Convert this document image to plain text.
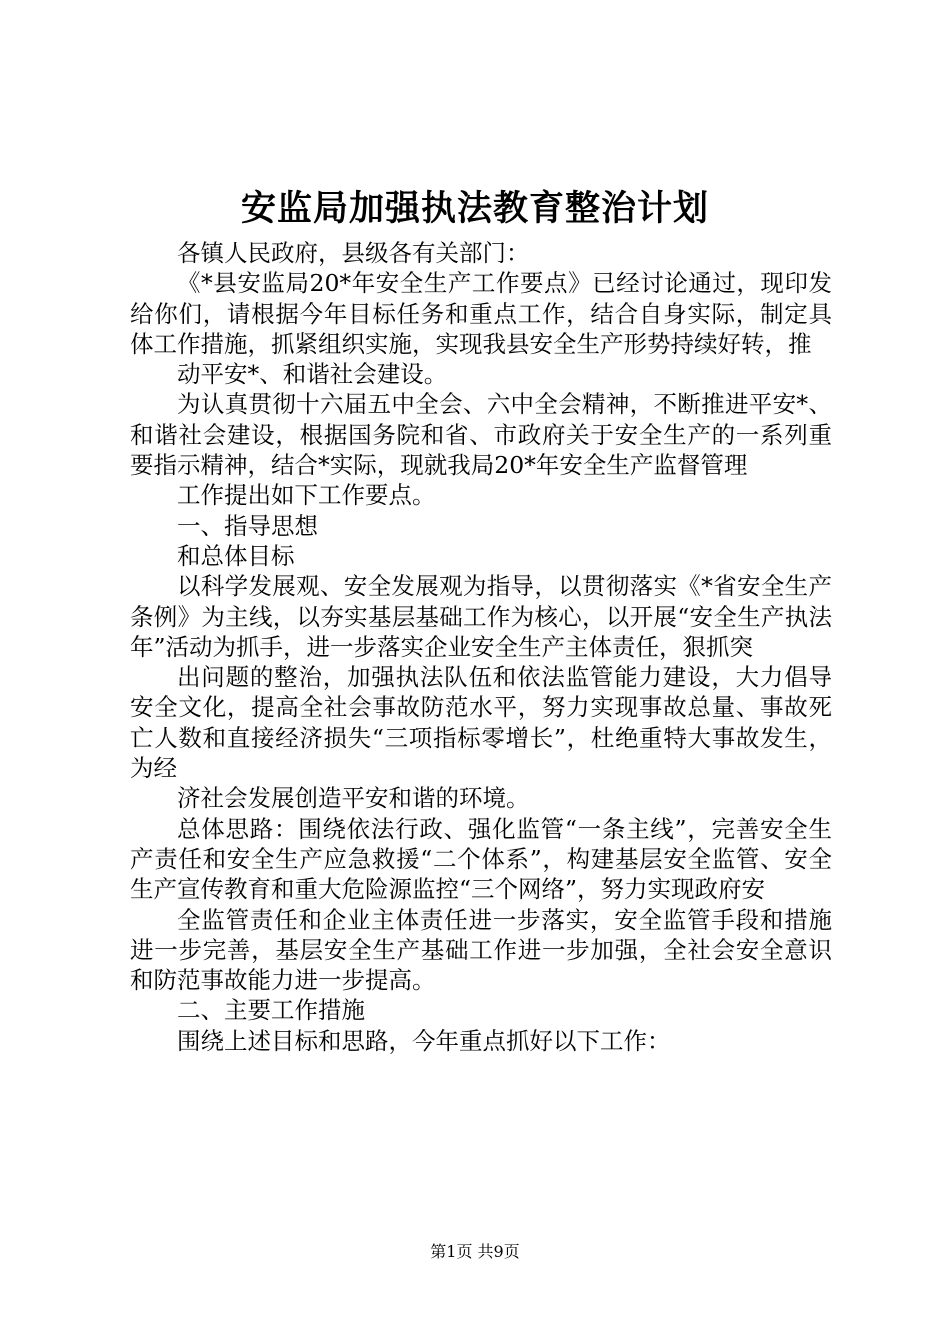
安监局加强执法教育整治计划

各镇人民政府，县级各有关部门：

《*县安监局20*年安全生产工作要点》已经讨论通过，现印发给你们，请根据今年目标任务和重点工作，结合自身实际，制定具体工作措施，抓紧组织实施，实现我县安全生产形势持续好转，推

动平安*、和谐社会建设。

为认真贯彻十六届五中全会、六中全会精神，不断推进平安*、和谐社会建设，根据国务院和省、市政府关于安全生产的一系列重要指示精神，结合*实际，现就我局20*年安全生产监督管理

工作提出如下工作要点。

一、指导思想

和总体目标

以科学发展观、安全发展观为指导，以贯彻落实《*省安全生产条例》为主线，以夯实基层基础工作为核心，以开展“安全生产执法年”活动为抓手，进一步落实企业安全生产主体责任，狠抓突

出问题的整治，加强执法队伍和依法监管能力建设，大力倡导安全文化，提高全社会事故防范水平，努力实现事故总量、事故死亡人数和直接经济损失“三项指标零增长”，杜绝重特大事故发生，为经

济社会发展创造平安和谐的环境。

总体思路：围绕依法行政、强化监管“一条主线”，完善安全生产责任和安全生产应急救援“二个体系”，构建基层安全监管、安全生产宣传教育和重大危险源监控“三个网络”，努力实现政府安

全监管责任和企业主体责任进一步落实，安全监管手段和措施进一步完善，基层安全生产基础工作进一步加强，全社会安全意识和防范事故能力进一步提高。

二、主要工作措施

围绕上述目标和思路，今年重点抓好以下工作：

第1页 共9页
